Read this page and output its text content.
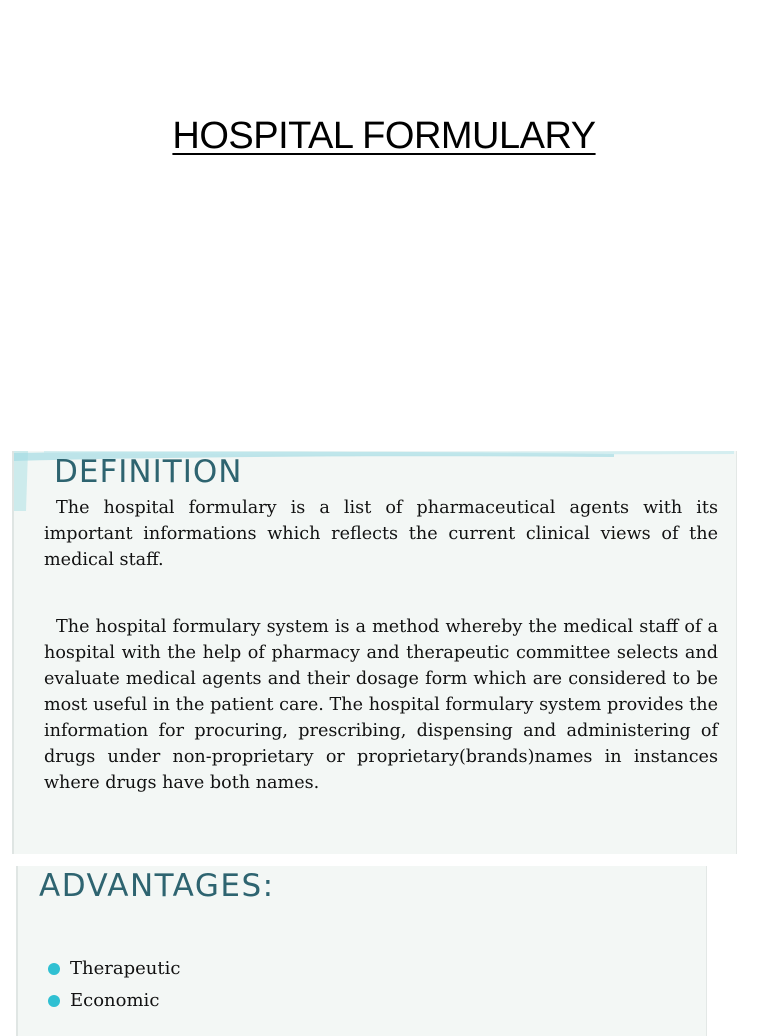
HOSPITAL FORMULARY
DEFINITION
The hospital formulary is a list of pharmaceutical agents with its important informations which reflects the current clinical views of the medical staff.
The hospital formulary system is a method whereby the medical staff of a hospital with the help of pharmacy and therapeutic committee selects and evaluate medical agents and their dosage form which are considered to be most useful in the patient care. The hospital formulary system provides the information for procuring, prescribing, dispensing and administering of drugs under non-proprietary or proprietary(brands)names in instances where drugs have both names.
ADVANTAGES:
Therapeutic
Economic
